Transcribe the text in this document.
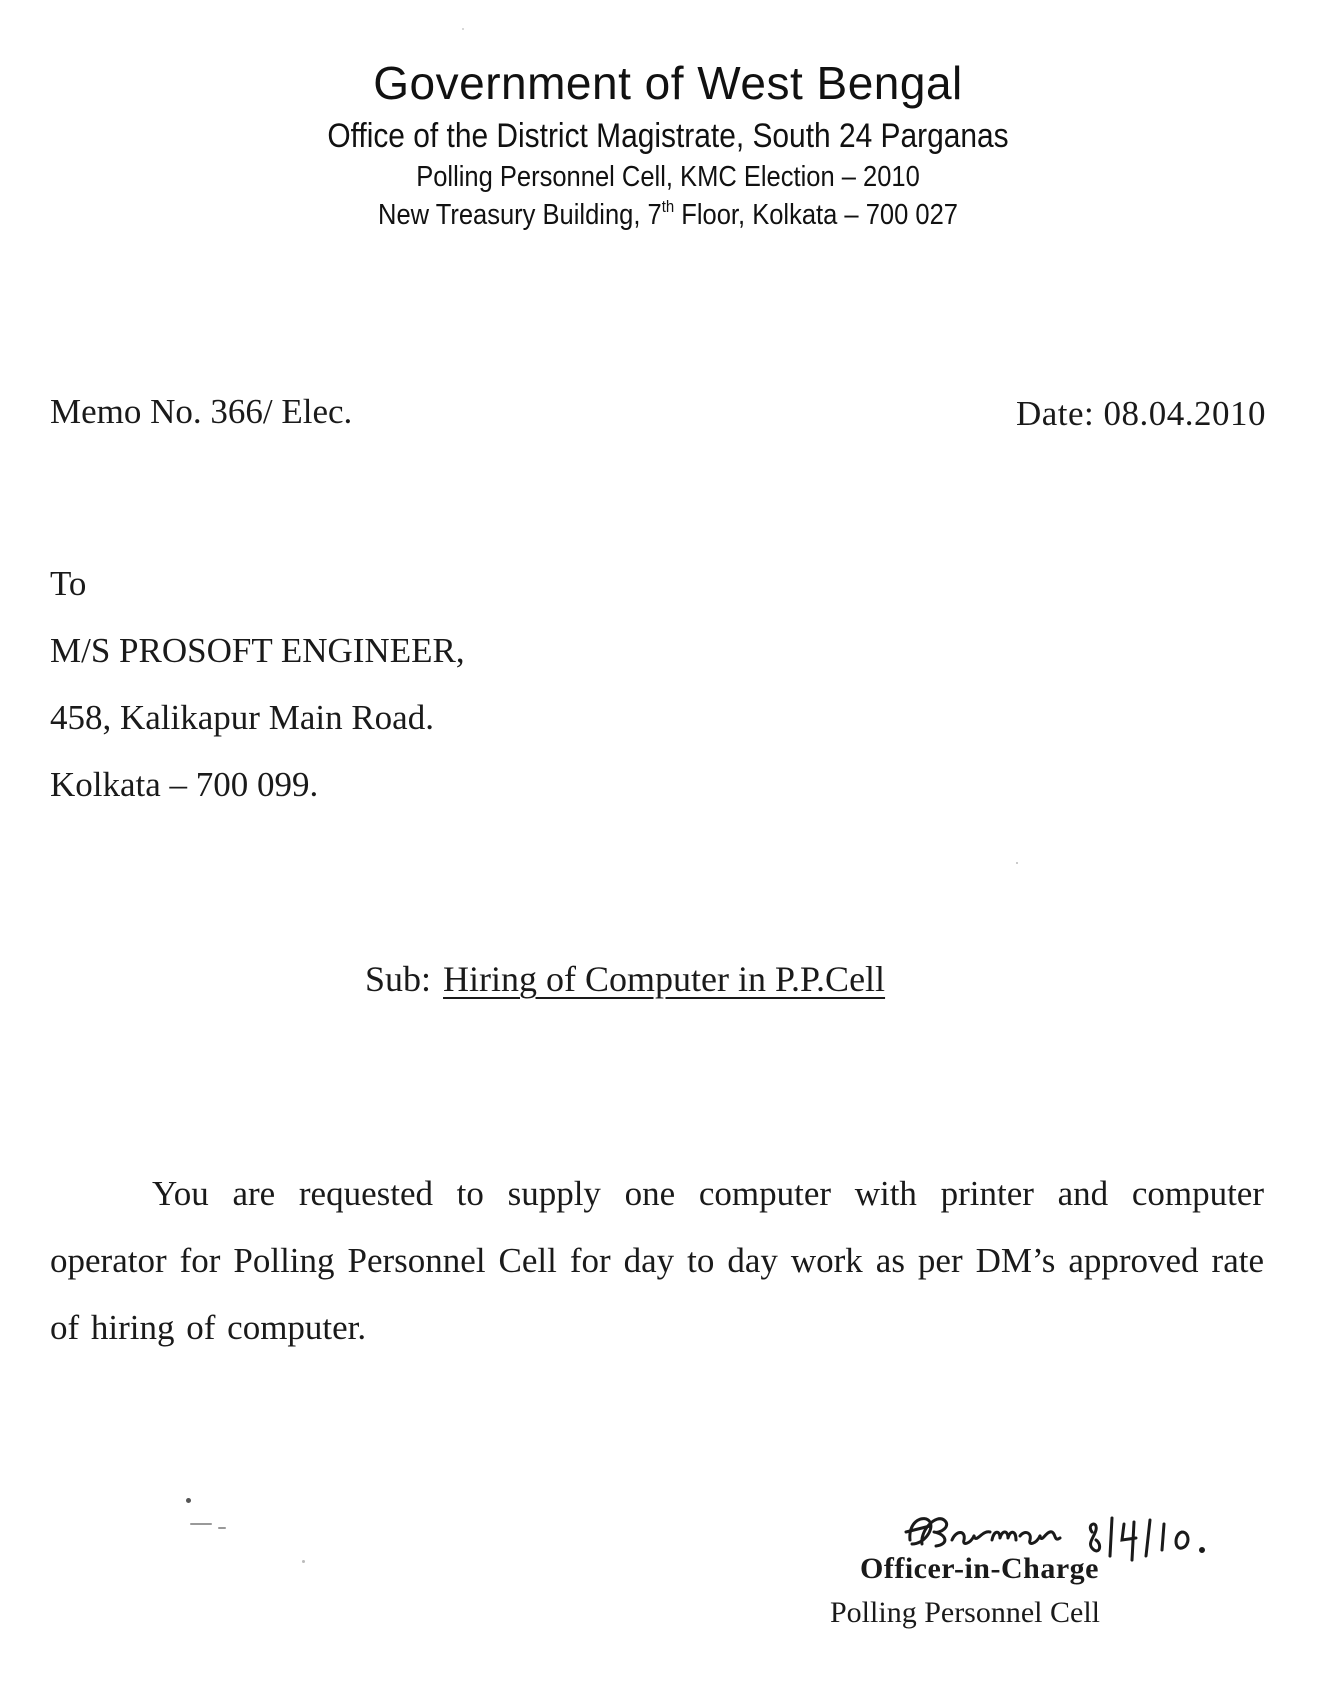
Government of West Bengal
Office of the District Magistrate, South 24 Parganas
Polling Personnel Cell, KMC Election – 2010
New Treasury Building, 7th Floor, Kolkata – 700 027
Memo No. 366/ Elec.	Date: 08.04.2010
To
M/S PROSOFT ENGINEER,
458, Kalikapur Main Road.
Kolkata – 700 099.
Sub: Hiring of Computer in P.P.Cell

You are requested to supply one computer with printer and computer operator for Polling Personnel Cell for day to day work as per DM’s approved rate of hiring of computer.

Officer-in-Charge
Polling Personnel Cell
